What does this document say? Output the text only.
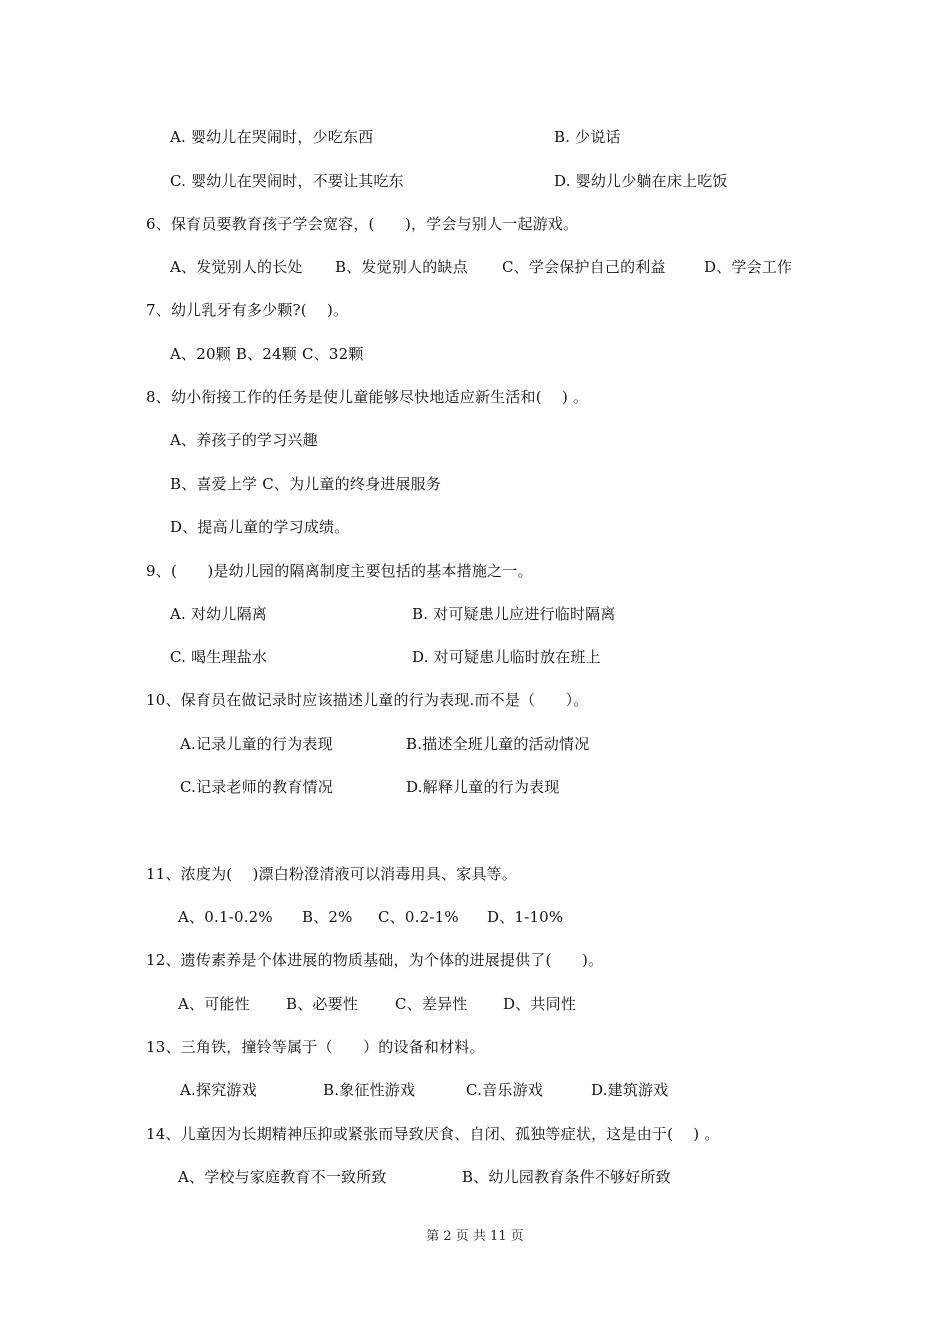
A. 婴幼儿在哭闹时，少吃东西	B. 少说话
C. 婴幼儿在哭闹时，不要让其吃东	D. 婴幼儿少躺在床上吃饭
6、保育员要教育孩子学会宽容，(　　)，学会与别人一起游戏。
A、发觉别人的长处 B、发觉别人的缺点 C、学会保护自己的利益	D、学会工作
7、幼儿乳牙有多少颗?(　 )。
A、20颗 B、24颗 C、32颗
8、幼小衔接工作的任务是使儿童能够尽快地适应新生活和(　 ) 。
A、养孩子的学习兴趣
B、喜爱上学 C、为儿童的终身进展服务
D、提高儿童的学习成绩。
9、(　　)是幼儿园的隔离制度主要包括的基本措施之一。
A. 对幼儿隔离	B. 对可疑患儿应进行临时隔离
C. 喝生理盐水	D. 对可疑患儿临时放在班上
10、保育员在做记录时应该描述儿童的行为表现.而不是（　　）。
A.记录儿童的行为表现	B.描述全班儿童的活动情况
C.记录老师的教育情况	D.解释儿童的行为表现
11、浓度为(　 )漂白粉澄清液可以消毒用具、家具等。
A、0.1-0.2% B、2% C、0.2-1% D、1-10%
12、遗传素养是个体进展的物质基础，为个体的进展提供了(　　)。
A、可能性 B、必要性 C、差异性 D、共同性
13、三角铁，撞铃等属于（　　）的设备和材料。
A.探究游戏	B.象征性游戏	C.音乐游戏	D.建筑游戏
14、儿童因为长期精神压抑或紧张而导致厌食、自闭、孤独等症状，这是由于(　 ) 。
A、学校与家庭教育不一致所致	B、幼儿园教育条件不够好所致
第 2 页 共 11 页
